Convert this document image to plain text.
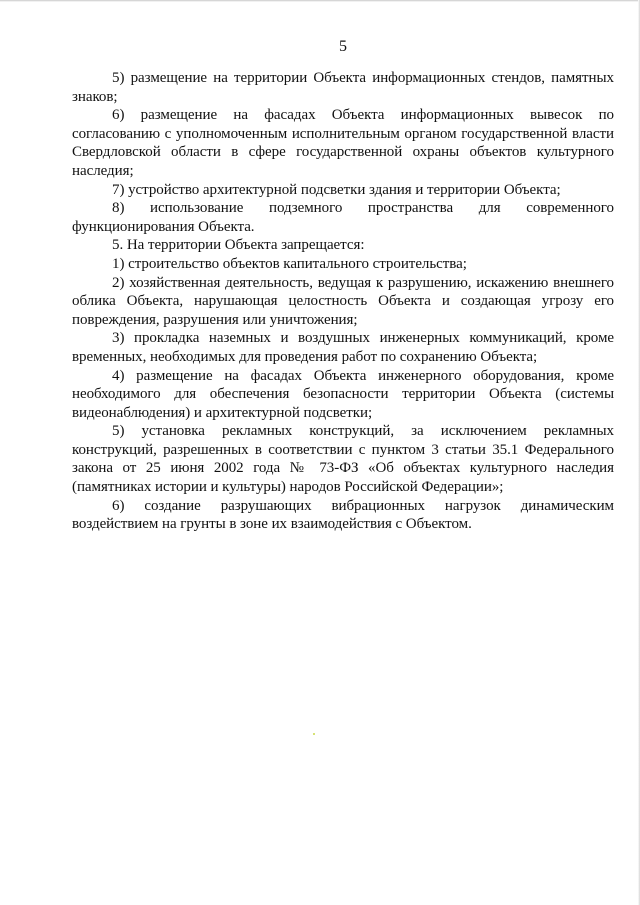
5

5) размещение на территории Объекта информационных стендов, памятных знаков;

6) размещение на фасадах Объекта информационных вывесок по согласованию с уполномоченным исполнительным органом государственной власти Свердловской области в сфере государственной охраны объектов культурного наследия;

7) устройство архитектурной подсветки здания и территории Объекта;

8) использование подземного пространства для современного функционирования Объекта.

5. На территории Объекта запрещается:

1) строительство объектов капитального строительства;

2) хозяйственная деятельность, ведущая к разрушению, искажению внешнего облика Объекта, нарушающая целостность Объекта и создающая угрозу его повреждения, разрушения или уничтожения;

3) прокладка наземных и воздушных инженерных коммуникаций, кроме временных, необходимых для проведения работ по сохранению Объекта;

4) размещение на фасадах Объекта инженерного оборудования, кроме необходимого для обеспечения безопасности территории Объекта (системы видеонаблюдения) и архитектурной подсветки;

5) установка рекламных конструкций, за исключением рекламных конструкций, разрешенных в соответствии с пунктом 3 статьи 35.1 Федерального закона от 25 июня 2002 года № 73-ФЗ «Об объектах культурного наследия (памятниках истории и культуры) народов Российской Федерации»;

6) создание разрушающих вибрационных нагрузок динамическим воздействием на грунты в зоне их взаимодействия с Объектом.
